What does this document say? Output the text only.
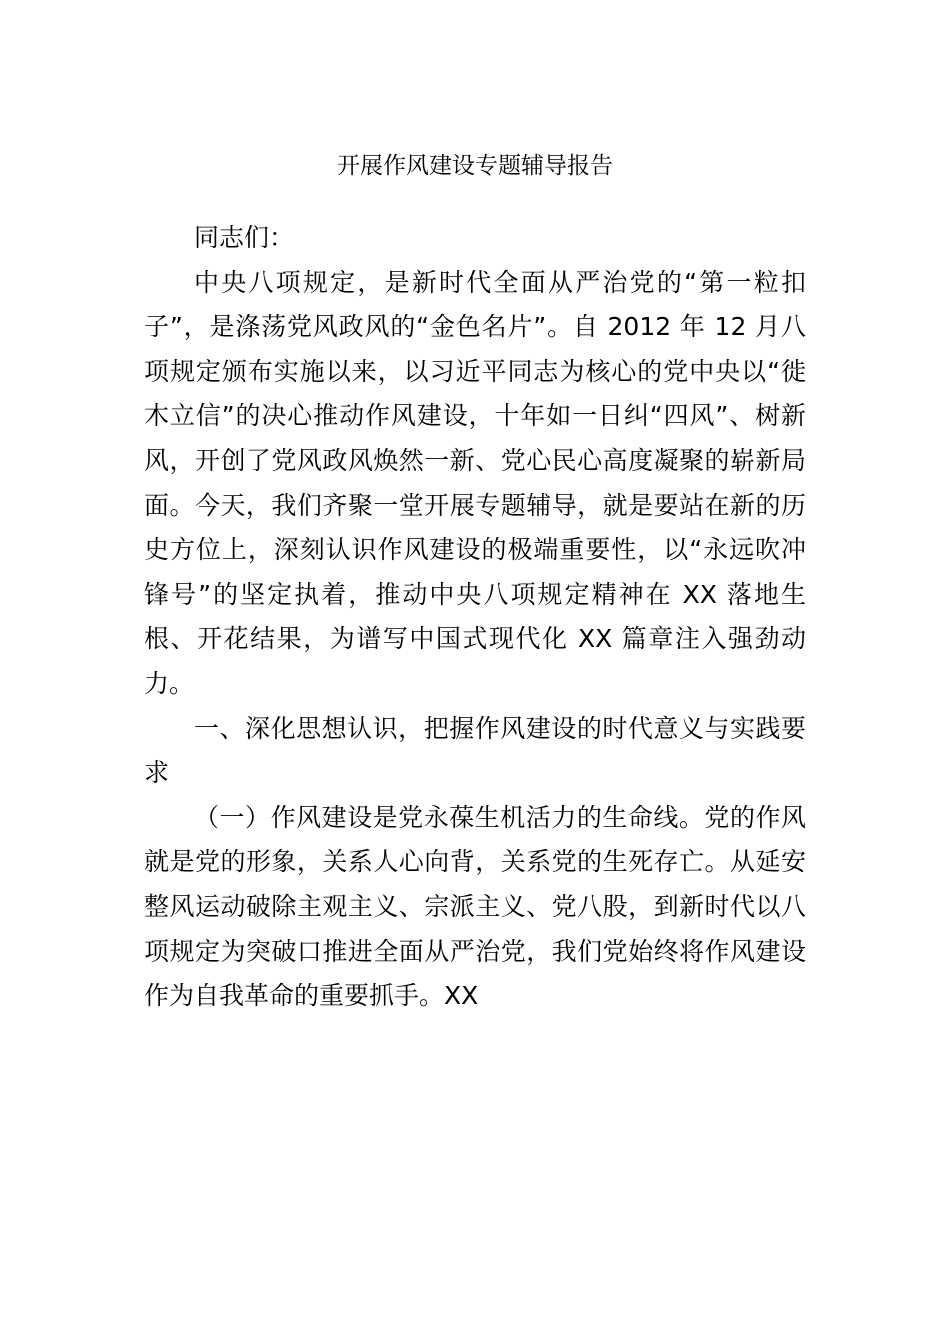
开展作风建设专题辅导报告

同志们：

中央八项规定，是新时代全面从严治党的“第一粒扣子”，是涤荡党风政风的“金色名片”。自 2012 年 12 月八项规定颁布实施以来，以习近平同志为核心的党中央以“徙木立信”的决心推动作风建设，十年如一日纠“四风”、树新风，开创了党风政风焕然一新、党心民心高度凝聚的崭新局面。今天，我们齐聚一堂开展专题辅导，就是要站在新的历史方位上，深刻认识作风建设的极端重要性，以“永远吹冲锋号”的坚定执着，推动中央八项规定精神在 XX 落地生根、开花结果，为谱写中国式现代化 XX 篇章注入强劲动力。

一、深化思想认识，把握作风建设的时代意义与实践要求

（一）作风建设是党永葆生机活力的生命线。党的作风就是党的形象，关系人心向背，关系党的生死存亡。从延安整风运动破除主观主义、宗派主义、党八股，到新时代以八项规定为突破口推进全面从严治党，我们党始终将作风建设作为自我革命的重要抓手。XX
